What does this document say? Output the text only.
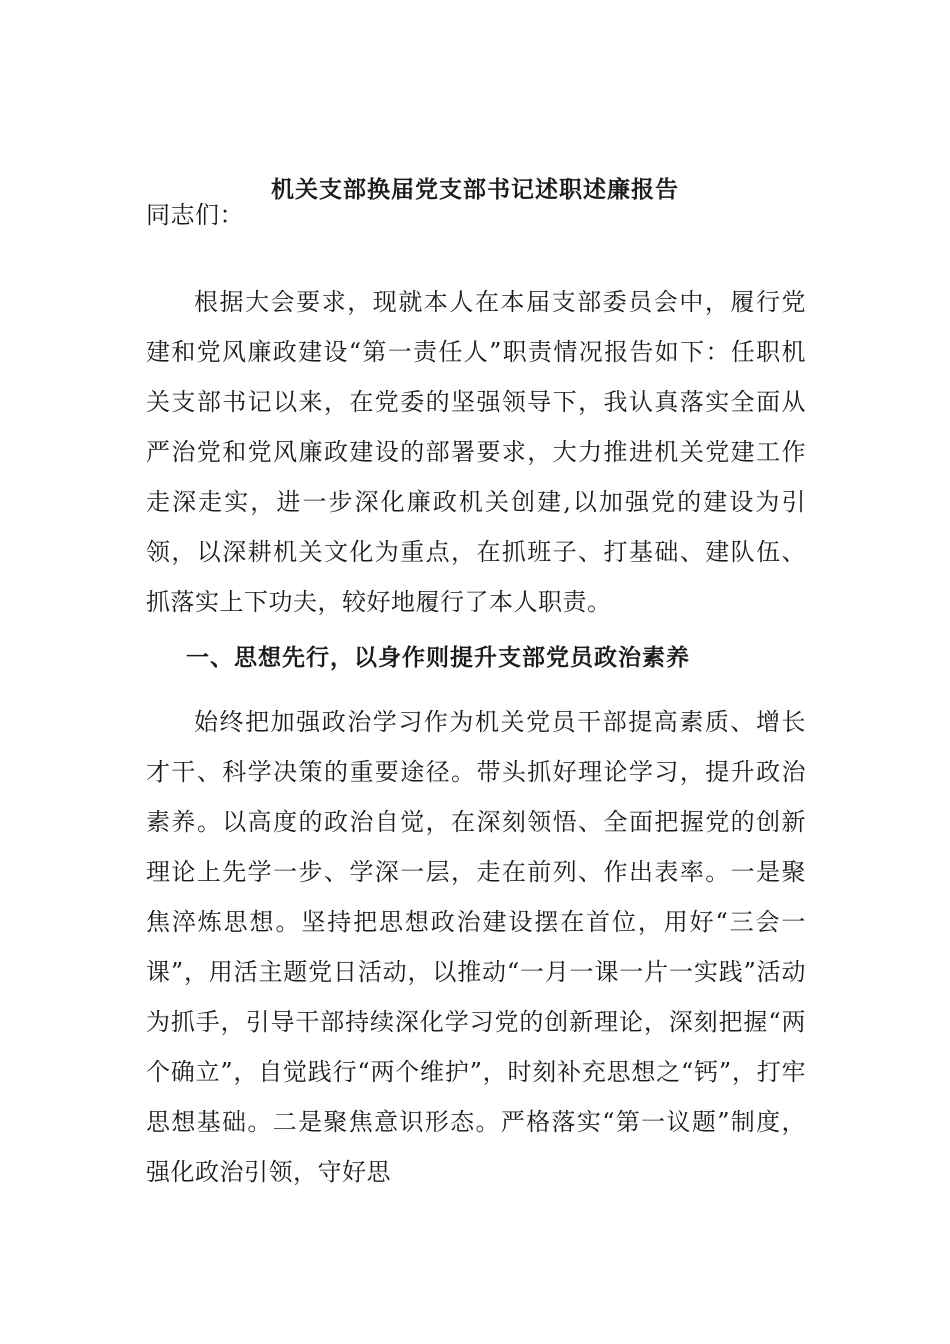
机关支部换届党支部书记述职述廉报告

同志们：

根据大会要求，现就本人在本届支部委员会中，履行党建和党风廉政建设“第一责任人”职责情况报告如下：任职机关支部书记以来，在党委的坚强领导下，我认真落实全面从严治党和党风廉政建设的部署要求，大力推进机关党建工作走深走实，进一步深化廉政机关创建,以加强党的建设为引领，以深耕机关文化为重点，在抓班子、打基础、建队伍、抓落实上下功夫，较好地履行了本人职责。

一、思想先行，以身作则提升支部党员政治素养

始终把加强政治学习作为机关党员干部提高素质、增长才干、科学决策的重要途径。带头抓好理论学习，提升政治素养。以高度的政治自觉，在深刻领悟、全面把握党的创新理论上先学一步、学深一层，走在前列、作出表率。一是聚焦淬炼思想。坚持把思想政治建设摆在首位，用好“三会一课”，用活主题党日活动，以推动“一月一课一片一实践”活动为抓手，引导干部持续深化学习党的创新理论，深刻把握“两个确立”，自觉践行“两个维护”，时刻补充思想之“钙”，打牢思想基础。二是聚焦意识形态。严格落实“第一议题”制度，强化政治引领，守好思
